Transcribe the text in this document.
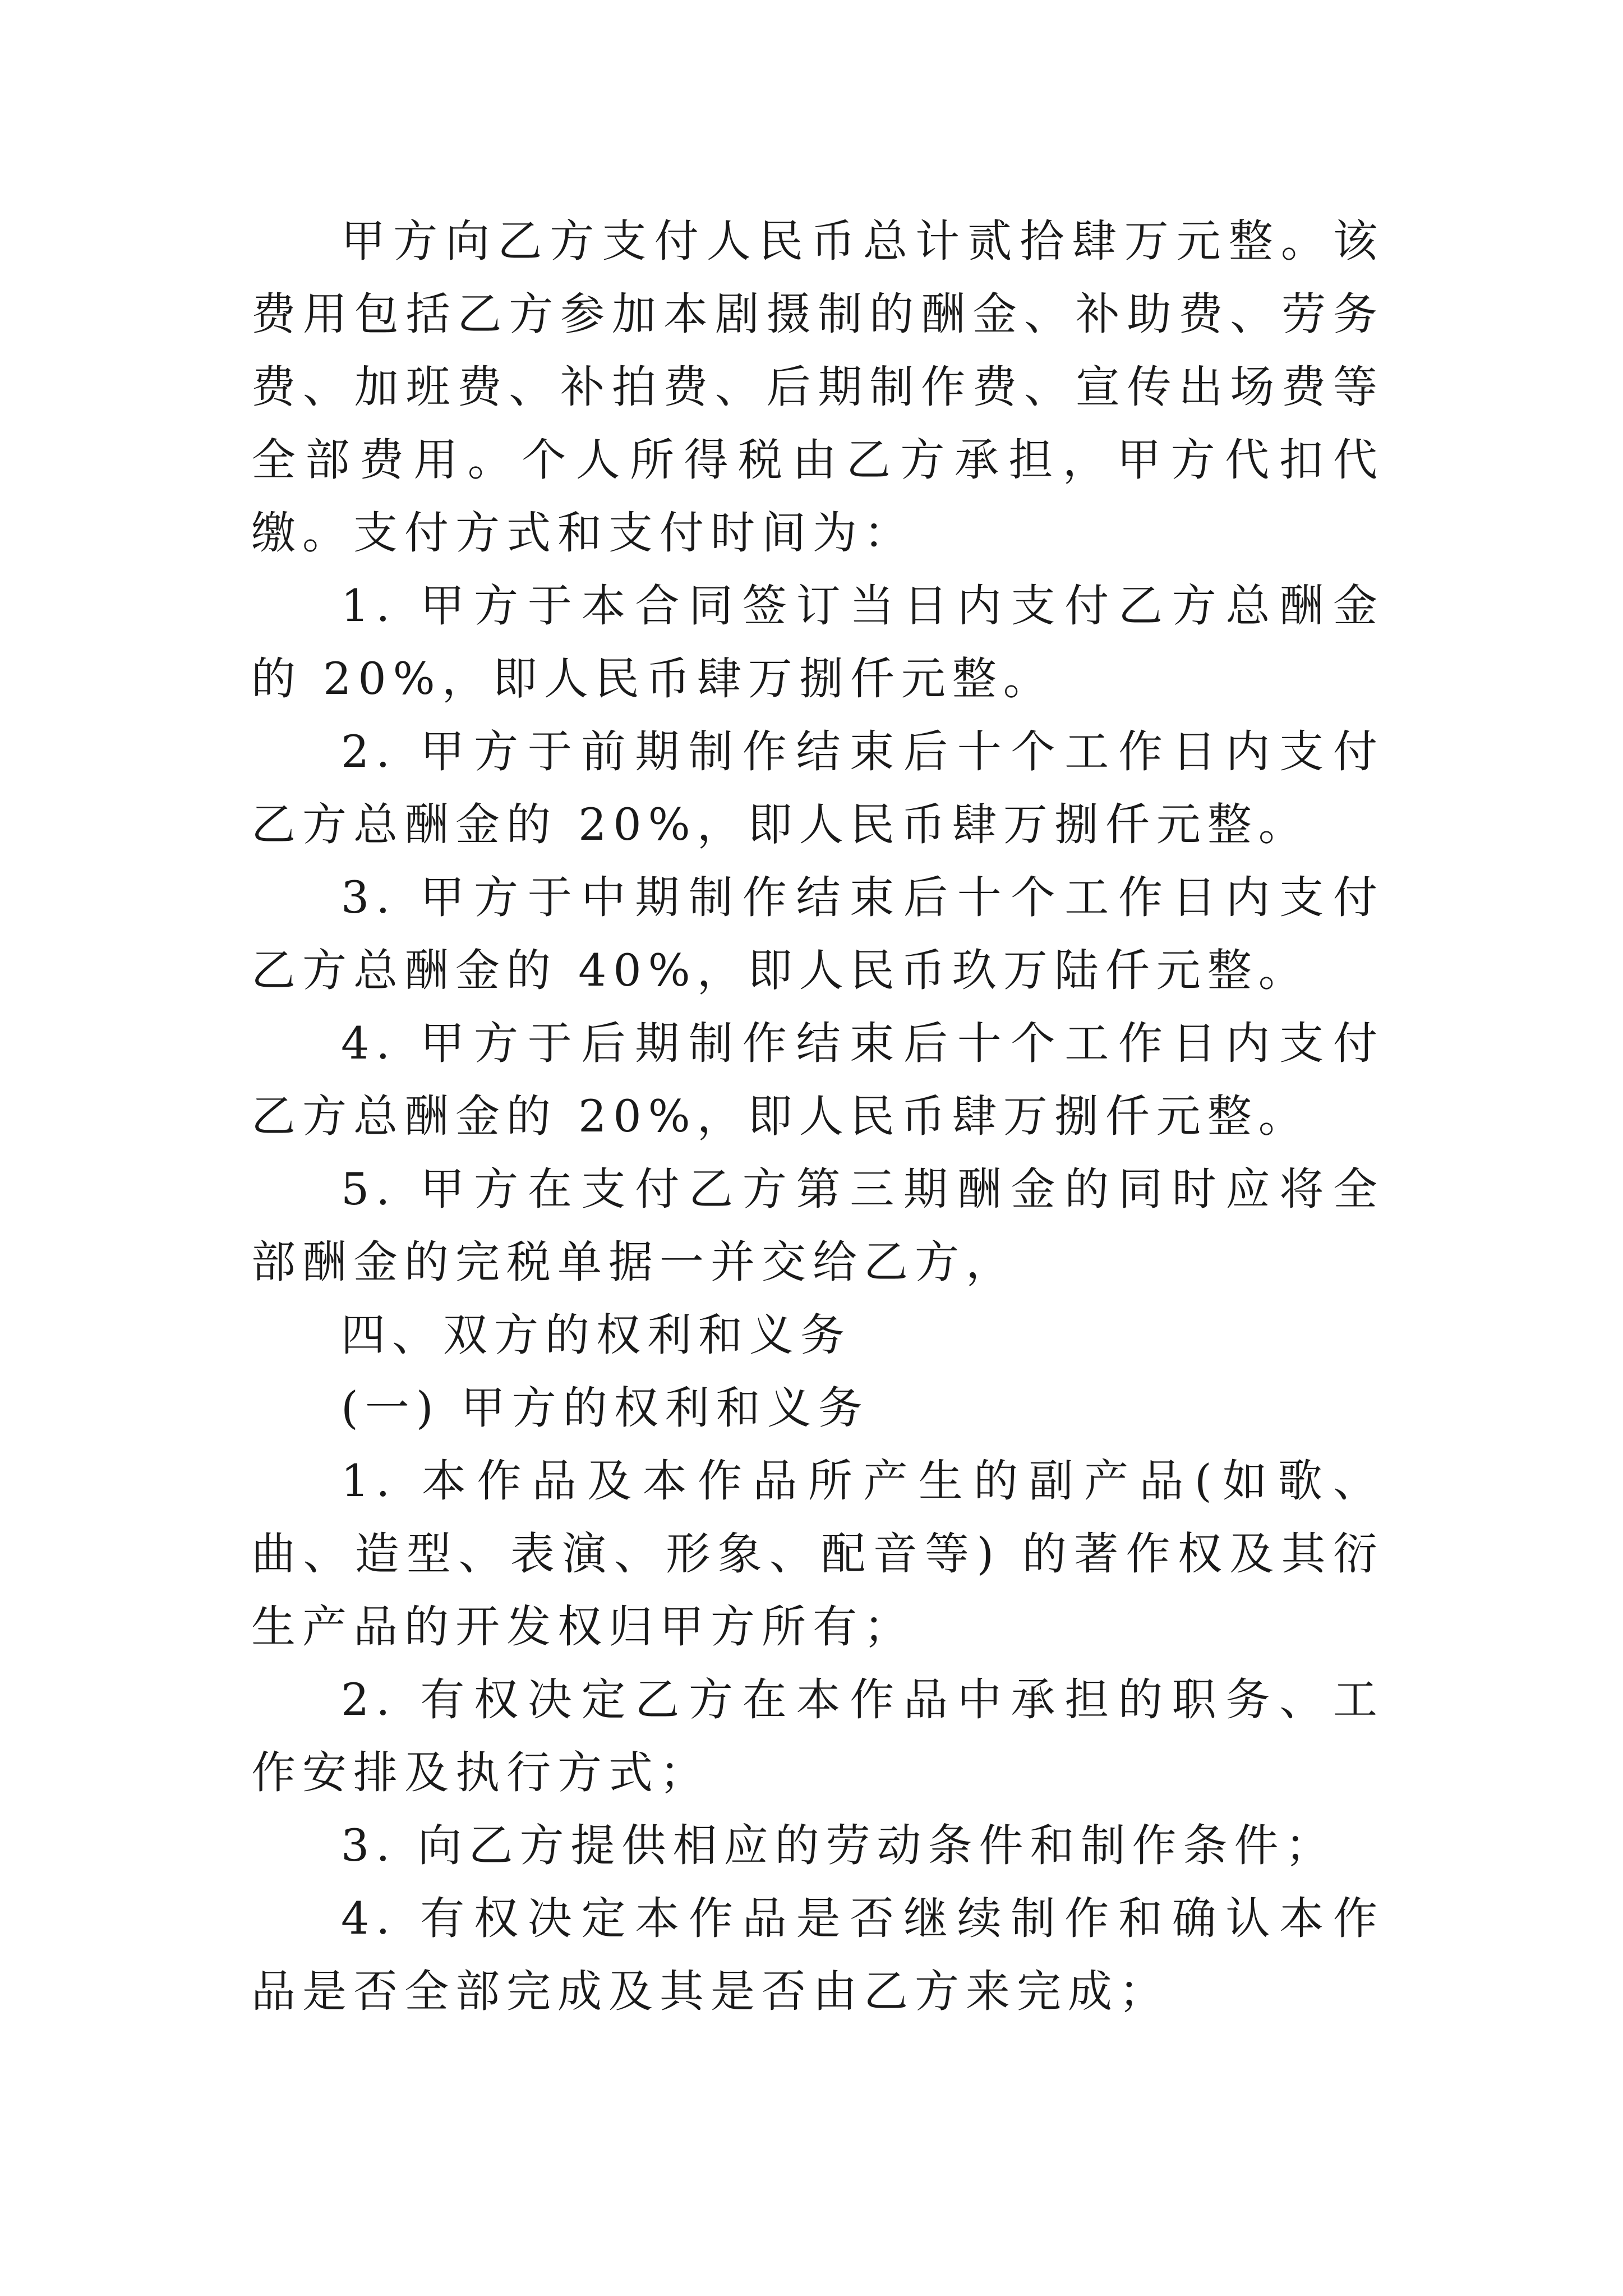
甲方向乙方支付人民币总计贰拾肆万元整。该费用包括乙方参加本剧摄制的酬金、补助费、劳务费、加班费、补拍费、后期制作费、宣传出场费等全部费用。个人所得税由乙方承担，甲方代扣代缴。支付方式和支付时间为：

1. 甲方于本合同签订当日内支付乙方总酬金的 20%，即人民币肆万捌仟元整。

2. 甲方于前期制作结束后十个工作日内支付乙方总酬金的 20%，即人民币肆万捌仟元整。

3. 甲方于中期制作结束后十个工作日内支付乙方总酬金的 40%，即人民币玖万陆仟元整。

4. 甲方于后期制作结束后十个工作日内支付乙方总酬金的 20%，即人民币肆万捌仟元整。

5. 甲方在支付乙方第三期酬金的同时应将全部酬金的完税单据一并交给乙方，

四、双方的权利和义务

(一) 甲方的权利和义务

1. 本作品及本作品所产生的副产品(如歌、曲、造型、表演、形象、配音等) 的著作权及其衍生产品的开发权归甲方所有；

2. 有权决定乙方在本作品中承担的职务、工作安排及执行方式；

3. 向乙方提供相应的劳动条件和制作条件；

4. 有权决定本作品是否继续制作和确认本作品是否全部完成及其是否由乙方来完成；
